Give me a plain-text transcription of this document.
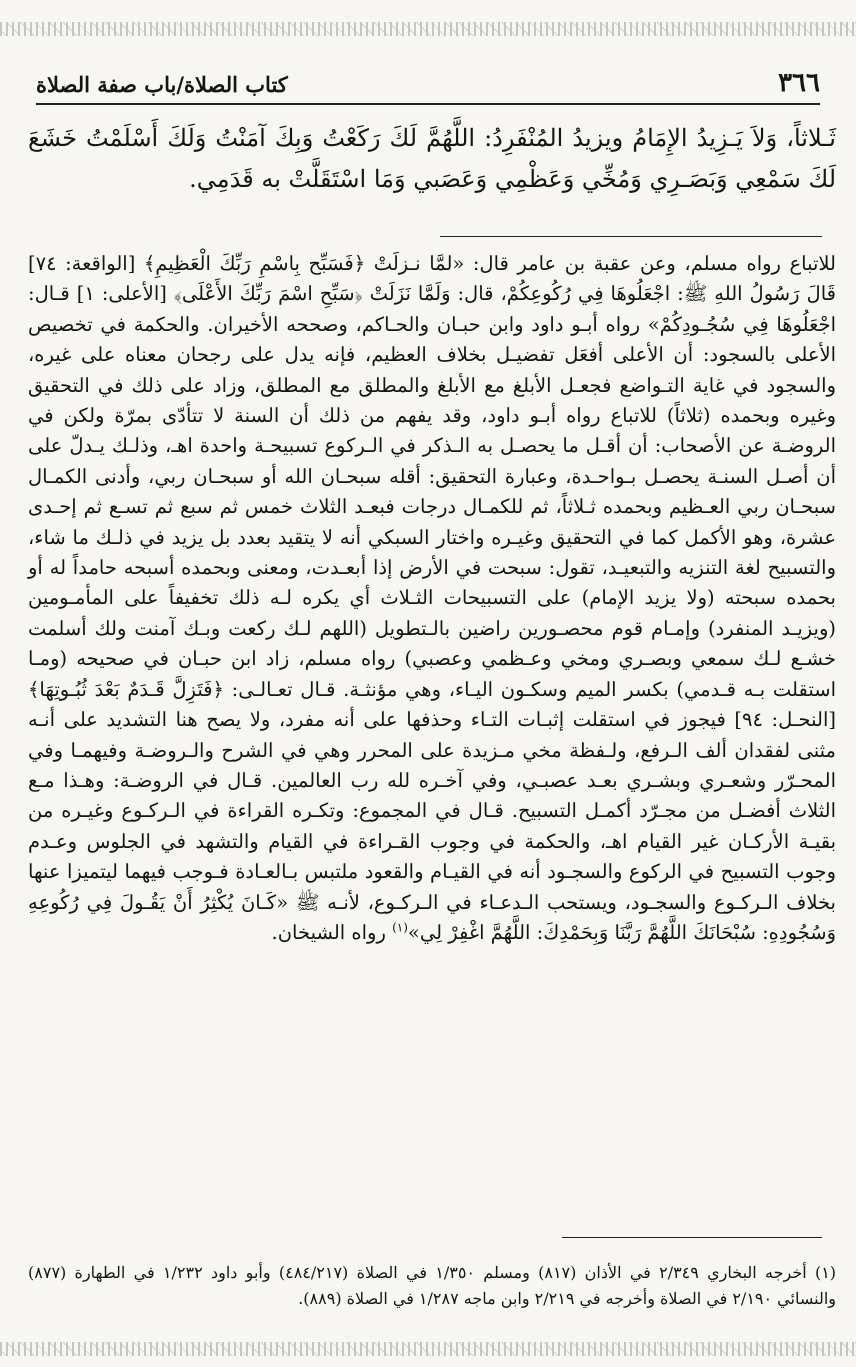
٣٦٦
كتاب الصلاة/باب صفة الصلاة

ثَـلاثاً، وَلاَ يَـزِيدُ الإِمَامُ ويزيدُ المُنْفَرِدُ: اللَّهُمَّ لَكَ رَكَعْتُ وَبِكَ آمَنْتُ وَلَكَ أَسْلَمْتُ خَشَعَ لَكَ سَمْعِي وَبَصَـرِي وَمُخِّي وَعَظْمِي وَعَصَبي وَمَا اسْتَقَلَّتْ به قَدَمِي.

للاتباع رواه مسلم، وعن عقبة بن عامر قال: «لمَّا نـزلَتْ ﴿فَسَبِّح بِاسْمِ رَبِّكَ الْعَظِيمِ﴾ [الواقعة: ٧٤] قَالَ رَسُولُ اللهِ ﷺ: اجْعَلُوهَا فِي رُكُوعِكُمْ، قال: وَلَمَّا نَزَلَتْ ﴿سَبِّحِ اسْمَ رَبِّكَ الأَعْلَى﴾ [الأعلى: ١] قـال: اجْعَلُوهَا فِي سُجُـودِكُمْ» رواه أبـو داود وابن حبـان والحـاكم، وصححه الأخيران. والحكمة في تخصيص الأعلى بالسجود: أن الأعلى أفعَل تفضيـل بخلاف العظيم، فإنه يدل على رجحان معناه على غيره، والسجود في غاية التـواضع فجعـل الأبلغ مع الأبلغ والمطلق مع المطلق، وزاد على ذلك في التحقيق وغيره وبحمده (ثلاثاً) للاتباع رواه أبـو داود، وقد يفهم من ذلك أن السنة لا تتأدّى بمرّة ولكن في الروضـة عن الأصحاب: أن أقـل ما يحصـل به الـذكر في الـركوع تسبيحـة واحدة اهـ، وذلـك يـدلّ على أن أصـل السنـة يحصـل بـواحـدة، وعبارة التحقيق: أقله سبحـان الله أو سبحـان ربي، وأدنى الكمـال سبحـان ربي العـظيم وبحمده ثـلاثاً، ثم للكمـال درجات فبعـد الثلاث خمس ثم سبع ثم تسـع ثم إحـدى عشرة، وهو الأكمل كما في التحقيق وغيـره واختار السبكي أنه لا يتقيد بعدد بل يزيد في ذلـك ما شاء، والتسبيح لغة التنزيه والتبعيـد، تقول: سبحت في الأرض إذا أبعـدت، ومعنى وبحمده أسبحه حامداً له أو بحمده سبحته (ولا يزيد الإمام) على التسبيحات الثـلاث أي يكره لـه ذلك تخفيفاً على المأمـومين (ويزيـد المنفرد) وإمـام قوم محصـورين راضين بالـتطويل (اللهم لـك ركعت وبـك آمنت ولك أسلمت خشـع لـك سمعي وبصـري ومخي وعـظمي وعصبي) رواه مسلم، زاد ابن حبـان في صحيحه (ومـا استقلت بـه قـدمي) بكسر الميم وسكـون اليـاء، وهي مؤنثـة. قـال تعـالـى: ﴿فَتَزِلَّ قَـدَمٌ بَعْدَ ثُبُـوتِهَا﴾ [النحـل: ٩٤] فيجوز في استقلت إثبـات التـاء وحذفها على أنه مفرد، ولا يصح هنا التشديد على أنـه مثنى لفقدان ألف الـرفع، ولـفظة مخي مـزيدة على المحرر وهي في الشرح والـروضـة وفيهمـا وفي المحـرّر وشعـري وبشـري بعـد عصبـي، وفي آخـره لله رب العالمين. قـال في الروضـة: وهـذا مـع الثلاث أفضـل من مجـرّد أكمـل التسبيح. قـال في المجموع: وتكـره القراءة في الـركـوع وغيـره من بقيـة الأركـان غير القيام اهـ، والحكمة في وجوب القـراءة في القيام والتشهد في الجلوس وعـدم وجوب التسبيح في الركوع والسجـود أنه في القيـام والقعود ملتبس بـالعـادة فـوجب فيهما ليتميزا عنها بخلاف الـركـوع والسجـود، ويستحب الـدعـاء في الـركـوع، لأنـه ﷺ «كَـانَ يُكْثِرُ أَنْ يَقُـولَ فِي رُكُوعِهِ وَسُجُودِهِ: سُبْحَانَكَ اللَّهُمَّ رَبَّنَا وَبِحَمْدِكَ: اللَّهُمَّ اغْفِرْ لِي»$^{(١)}$ رواه الشيخان.

(١) أخرجه البخاري ٢/٣٤٩ في الأذان (٨١٧) ومسلم ١/٣٥٠ في الصلاة (٤٨٤/٢١٧) وأبو داود ١/٢٣٢ في الطهارة (٨٧٧) والنسائي ٢/١٩٠ في الصلاة وأخرجه في ٢/٢١٩ وابن ماجه ١/٢٨٧ في الصلاة (٨٨٩).
